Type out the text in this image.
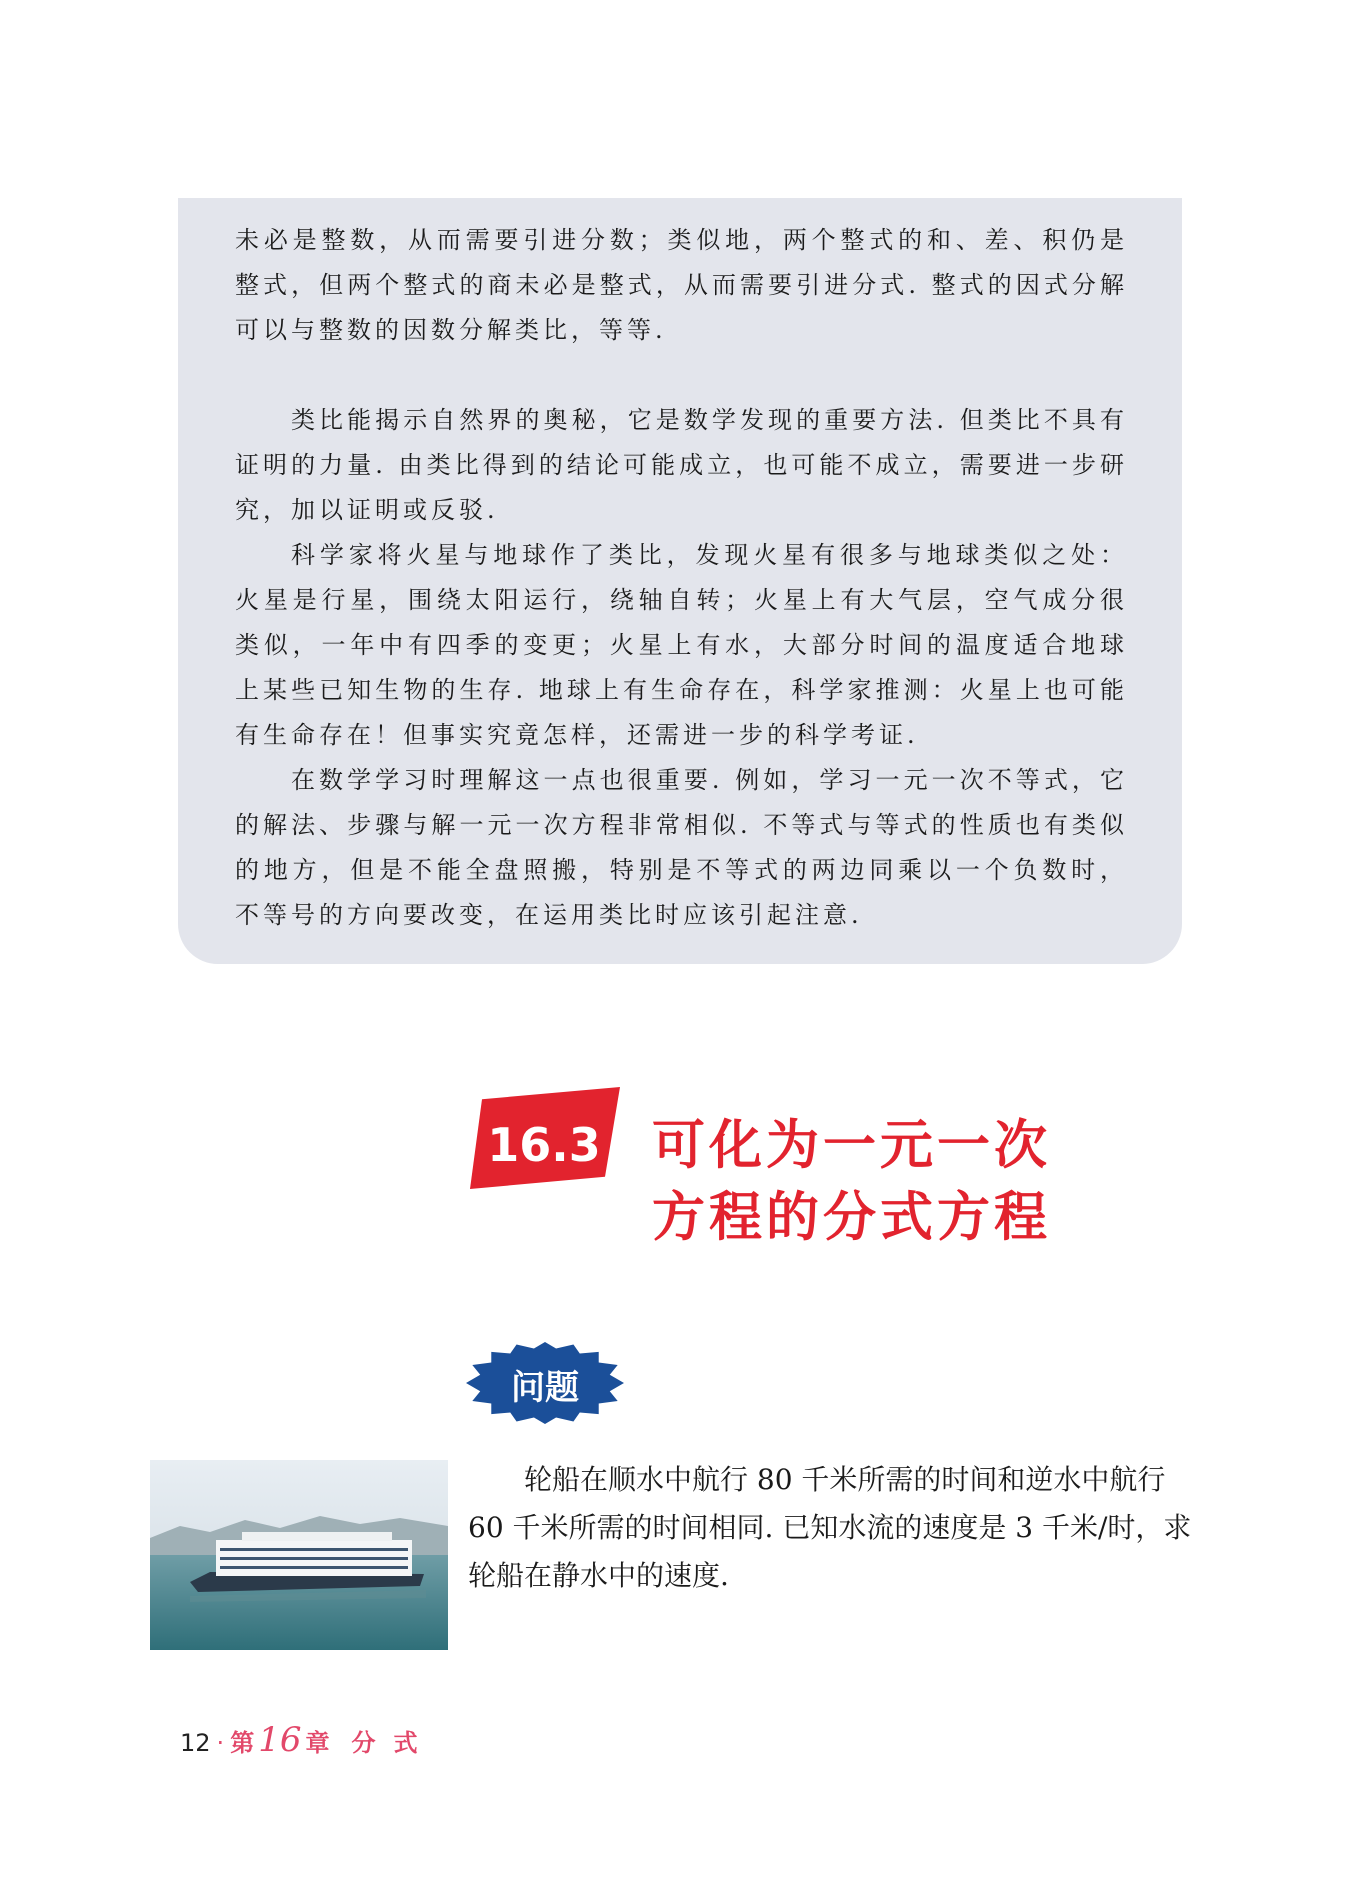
未必是整数，从而需要引进分数；类似地，两个整式的和、差、积仍是整式，但两个整式的商未必是整式，从而需要引进分式. 整式的因式分解可以与整数的因数分解类比，等等.

类比能揭示自然界的奥秘，它是数学发现的重要方法. 但类比不具有证明的力量. 由类比得到的结论可能成立，也可能不成立，需要进一步研究，加以证明或反驳.

科学家将火星与地球作了类比，发现火星有很多与地球类似之处：火星是行星，围绕太阳运行，绕轴自转；火星上有大气层，空气成分很类似，一年中有四季的变更；火星上有水，大部分时间的温度适合地球上某些已知生物的生存. 地球上有生命存在，科学家推测：火星上也可能有生命存在！但事实究竟怎样，还需进一步的科学考证.

在数学学习时理解这一点也很重要. 例如，学习一元一次不等式，它的解法、步骤与解一元一次方程非常相似. 不等式与等式的性质也有类似的地方，但是不能全盘照搬，特别是不等式的两边同乘以一个负数时，不等号的方向要改变，在运用类比时应该引起注意.

16.3 可化为一元一次
方程的分式方程
问题

轮船在顺水中航行 80 千米所需的时间和逆水中航行 60 千米所需的时间相同. 已知水流的速度是 3 千米/时，求轮船在静水中的速度.

12 · 第 16 章 分式
